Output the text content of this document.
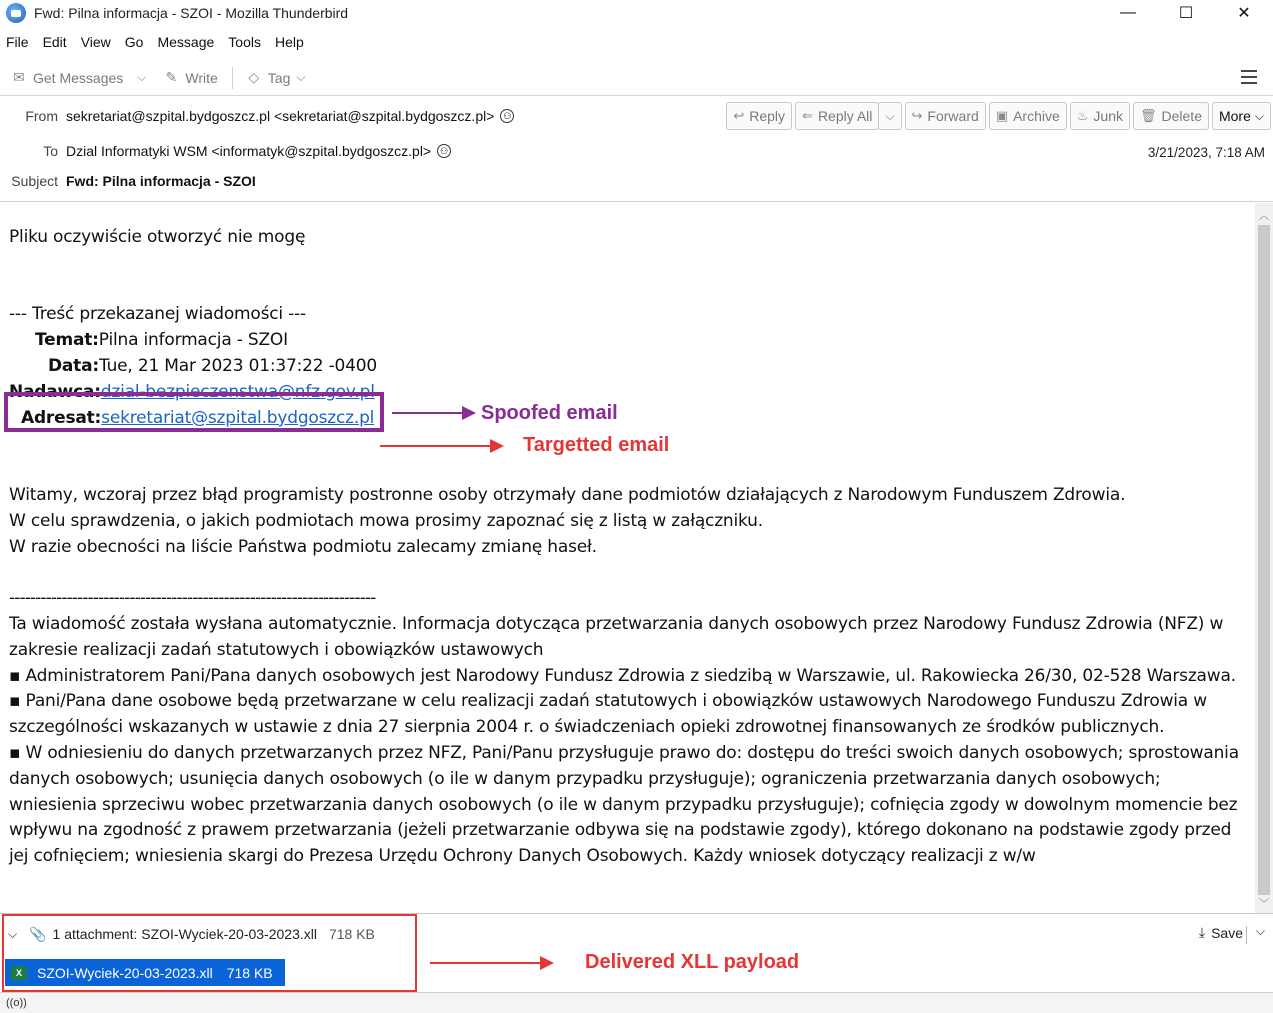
Fwd: Pilna informacja - SZOI - Mozilla Thunderbird	—	☐	✕
File Edit View Go Message Tools Help
✉ Get Messages ⌵ ✎ Write ◇ Tag ⌵
From sekretariat@szpital.bydgoszcz.pl <sekretariat@szpital.bydgoszcz.pl> ⚇
To Dzial Informatyki WSM <informatyk@szpital.bydgoszcz.pl> ⚇
Subject Fwd: Pilna informacja - SZOI
↩ Reply ⇐ Reply All ⌵ ↪ Forward ▣ Archive ♨ Junk 🗑 Delete More ⌵
3/21/2023, 7:18 AM

Pliku oczywiście otworzyć nie mogę

--- Treść przekazanej wiadomości ---

Temat:Pilna informacja - SZOI
Data:Tue, 21 Mar 2023 01:37:22 -0400
Nadawca:dzial-bezpieczenstwa@nfz.gov.pl
Adresat:sekretariat@szpital.bydgoszcz.pl

Witamy, wczoraj przez błąd programisty postronne osoby otrzymały dane podmiotów działających z Narodowym Funduszem Zdrowia.

W celu sprawdzenia, o jakich podmiotach mowa prosimy zapoznać się z listą w załączniku.

W razie obecności na liście Państwa podmiotu zalecamy zmianę haseł.

----------------------------------------------------------------------

Ta wiadomość została wysłana automatycznie. Informacja dotycząca przetwarzania danych osobowych przez Narodowy Fundusz Zdrowia (NFZ) w zakresie realizacji zadań statutowych i obowiązków ustawowych

▪ Administratorem Pani/Pana danych osobowych jest Narodowy Fundusz Zdrowia z siedzibą w Warszawie, ul. Rakowiecka 26/30, 02-528 Warszawa.

▪ Pani/Pana dane osobowe będą przetwarzane w celu realizacji zadań statutowych i obowiązków ustawowych Narodowego Funduszu Zdrowia w szczególności wskazanych w ustawie z dnia 27 sierpnia 2004 r. o świadczeniach opieki zdrowotnej finansowanych ze środków publicznych.

▪ W odniesieniu do danych przetwarzanych przez NFZ, Pani/Panu przysługuje prawo do: dostępu do treści swoich danych osobowych; sprostowania danych osobowych; usunięcia danych osobowych (o ile w danym przypadku przysługuje); ograniczenia przetwarzania danych osobowych; wniesienia sprzeciwu wobec przetwarzania danych osobowych (o ile w danym przypadku przysługuje); cofnięcia zgody w dowolnym momencie bez wpływu na zgodność z prawem przetwarzania (jeżeli przetwarzanie odbywa się na podstawie zgody), którego dokonano na podstawie zgody przed jej cofnięciem; wniesienia skargi do Prezesa Urzędu Ochrony Danych Osobowych. Każdy wniosek dotyczący realizacji z w/w

︿
﹀
Spoofed email
Targetted email
⌵ 📎 1 attachment: SZOI-Wyciek-20-03-2023.xll 718 KB	⤓ Save ⌵
X	SZOI-Wyciek-20-03-2023.xll 718 KB	Delivered XLL payload
((o))
